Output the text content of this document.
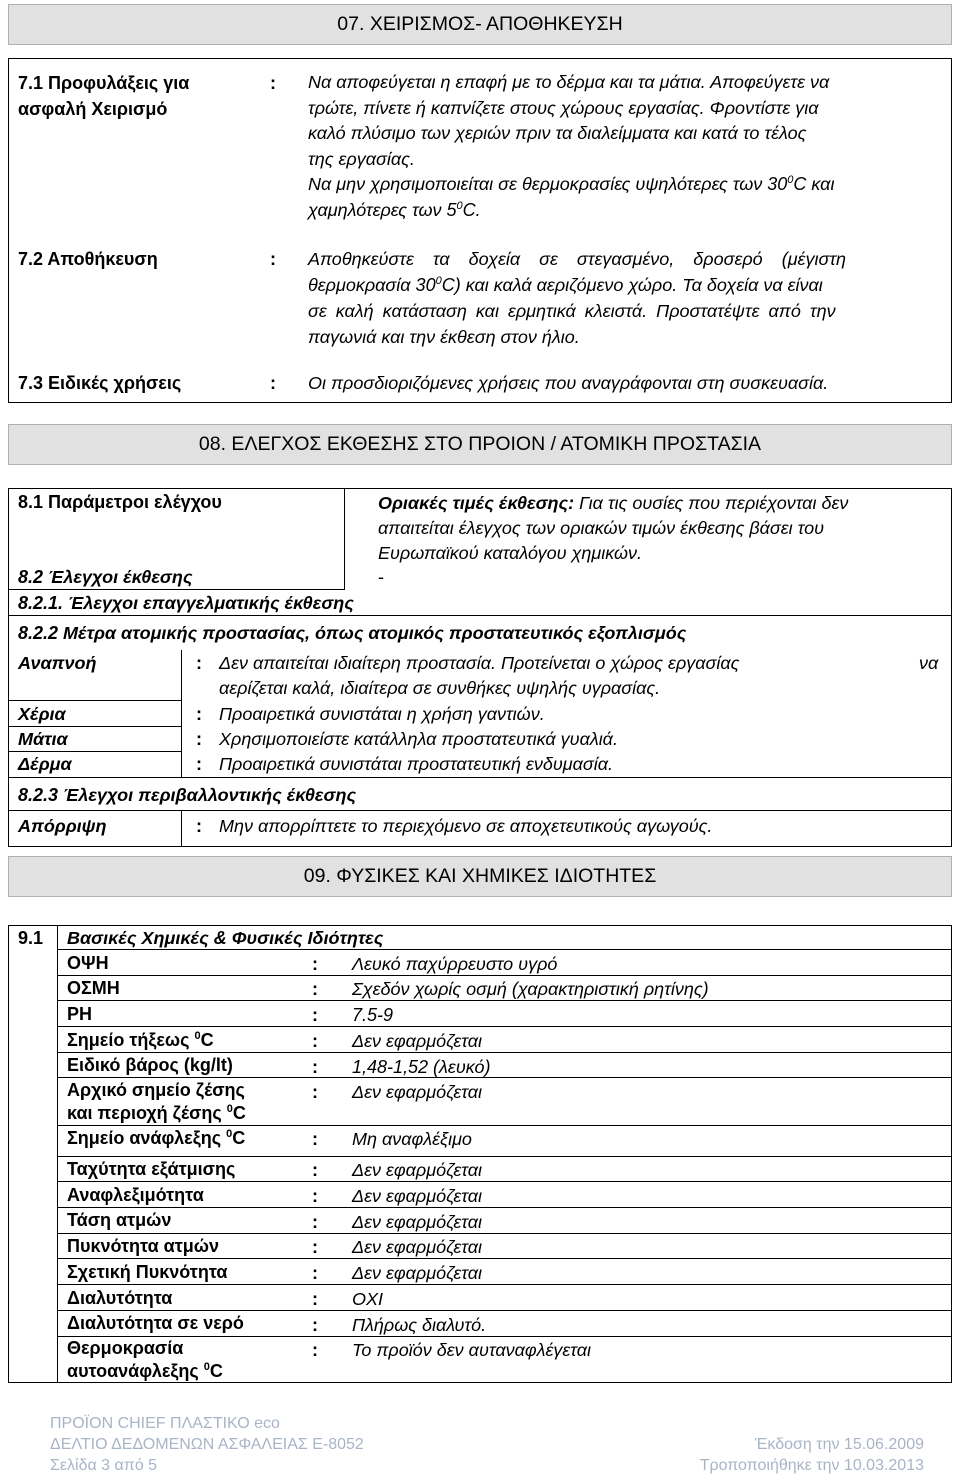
07. ΧΕΙΡΙΣΜΟΣ- ΑΠΟΘΗΚΕΥΣΗ
7.1 Προφυλάξεις για
ασφαλή Χειρισμό
: Να αποφεύγεται η επαφή με το δέρμα και τα μάτια. Αποφεύγετε να
τρώτε, πίνετε ή καπνίζετε στους χώρους εργασίας. Φροντίστε για
καλό πλύσιμο των χεριών πριν τα διαλείμματα και κατά το τέλος
της εργασίας.
Να μην χρησιμοποιείται σε θερμοκρασίες υψηλότερες των $30^0C$ και
χαμηλότερες των $5^0C$.
7.2 Αποθήκευση	: Αποθηκεύστε τα δοχεία σε στεγασμένο, δροσερό (μέγιστη
θερμοκρασία $30^0C$) και καλά αεριζόμενο χώρο. Τα δοχεία να είναι
σε καλή κατάσταση και ερμητικά κλειστά. Προστατέψτε από την
παγωνιά και την έκθεση στον ήλιο.
7.3 Ειδικές χρήσεις	: Οι προσδιοριζόμενες χρήσεις που αναγράφονται στη συσκευασία.
08. ΕΛΕΓΧΟΣ ΕΚΘΕΣΗΣ ΣΤΟ ΠΡΟΙΟΝ / ΑΤΟΜΙΚΗ ΠΡΟΣΤΑΣΙΑ
8.1 Παράμετροι ελέγχου	Οριακές τιμές έκθεσης: Για τις ουσίες που περιέχονται δεν
απαιτείται έλεγχος των οριακών τιμών έκθεσης βάσει του
Ευρωπαϊκού καταλόγου χημικών.
8.2 Έλεγχοι έκθεσης	-
8.2.1. Έλεγχοι επαγγελματικής έκθεσης
8.2.2 Μέτρα ατομικής προστασίας, όπως ατομικός προστατευτικός εξοπλισμός
Αναπνοή	: Δεν απαιτείται ιδιαίτερη προστασία. Προτείνεται ο χώρος εργασίας
αερίζεται καλά, ιδιαίτερα σε συνθήκες υψηλής υγρασίας.
να
Χέρια	: Προαιρετικά συνιστάται η χρήση γαντιών.
Μάτια	: Χρησιμοποιείστε κατάλληλα προστατευτικά γυαλιά.
Δέρμα	: Προαιρετικά συνιστάται προστατευτική ενδυμασία.
8.2.3 Έλεγχοι περιβαλλοντικής έκθεσης
Απόρριψη	: Μην απορρίπτετε το περιεχόμενο σε αποχετευτικούς αγωγούς.
09. ΦΥΣΙΚΕΣ ΚΑΙ ΧΗΜΙΚΕΣ ΙΔΙΟΤΗΤΕΣ
9.1 Βασικές Χημικές & Φυσικές Ιδιότητες
ΟΨΗ	: Λευκό παχύρρευστο υγρό
ΟΣΜΗ	: Σχεδόν χωρίς οσμή (χαρακτηριστική ρητίνης)
PH	: 7.5-9
Σημείο τήξεως $^0$C	: Δεν εφαρμόζεται
Ειδικό βάρος (kg/lt)	: 1,48-1,52 (λευκό)
Αρχικό σημείο ζέσης
και περιοχή ζέσης $^0$C
: Δεν εφαρμόζεται
Σημείο ανάφλεξης $^0$C	: Μη αναφλέξιμο
Ταχύτητα εξάτμισης	: Δεν εφαρμόζεται
Αναφλεξιμότητα	: Δεν εφαρμόζεται
Τάση ατμών	: Δεν εφαρμόζεται
Πυκνότητα ατμών	: Δεν εφαρμόζεται
Σχετική Πυκνότητα	: Δεν εφαρμόζεται
Διαλυτότητα	: ΟΧΙ
Διαλυτότητα σε νερό	: Πλήρως διαλυτό.
Θερμοκρασία
αυτοανάφλεξης $^0$C
: Το προϊόν δεν αυταναφλέγεται
ΠΡΟΪΟΝ CHIEF ΠΛΑΣΤΙΚΟ eco
ΔΕΛΤΙΟ ΔΕΔΟΜΕΝΩΝ ΑΣΦΑΛΕΙΑΣ Ε-8052
Σελίδα 3 από 5
Έκδοση την 15.06.2009
Τροποποιήθηκε την 10.03.2013
